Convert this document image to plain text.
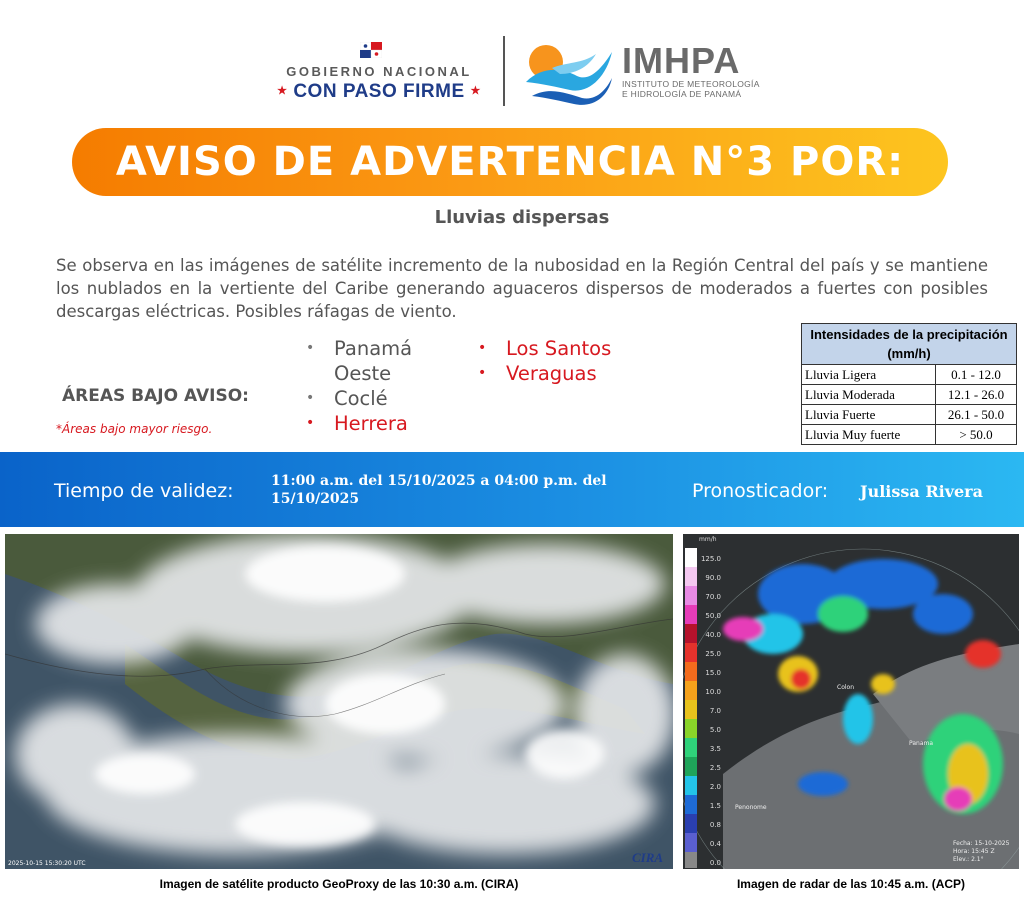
GOBIERNO NACIONAL
★ CON PASO FIRME ★
IMHPA
INSTITUTO DE METEOROLOGÍA
E HIDROLOGÍA DE PANAMÁ
AVISO DE ADVERTENCIA N°3 POR:
Lluvias dispersas
Se observa en las imágenes de satélite incremento de la nubosidad en la Región Central del país y se mantiene los nublados en la vertiente del Caribe generando aguaceros dispersos de moderados a fuertes con posibles descargas eléctricas. Posibles ráfagas de viento.
ÁREAS BAJO AVISO:
*Áreas bajo mayor riesgo.
• Panamá Oeste
• Coclé
• Herrera
• Los Santos
• Veraguas
Intensidades de la precipitación (mm/h)	
Lluvia Ligera	0.1 - 12.0
Lluvia Moderada	12.1 - 26.0
Lluvia Fuerte	26.1 - 50.0
Lluvia Muy fuerte	> 50.0
Tiempo de validez:	11:00 a.m. del 15/10/2025 a 04:00 p.m. del 15/10/2025	Pronosticador: Julissa Rivera
2025-10-15 15:30:20 UTC	CIRA
Imagen de satélite producto GeoProxy de las 10:30 a.m. (CIRA)
mm/h
125.0
90.0
70.0
50.0
40.0
25.0
15.0
10.0
7.0
5.0
3.5
2.5
2.0
1.5
0.8
0.4
0.0
Colon
Panama
Penonome
Fecha: 15-10-2025
Hora: 15:45 Z
Elev.: 2.1°
Imagen de radar de las 10:45 a.m. (ACP)
